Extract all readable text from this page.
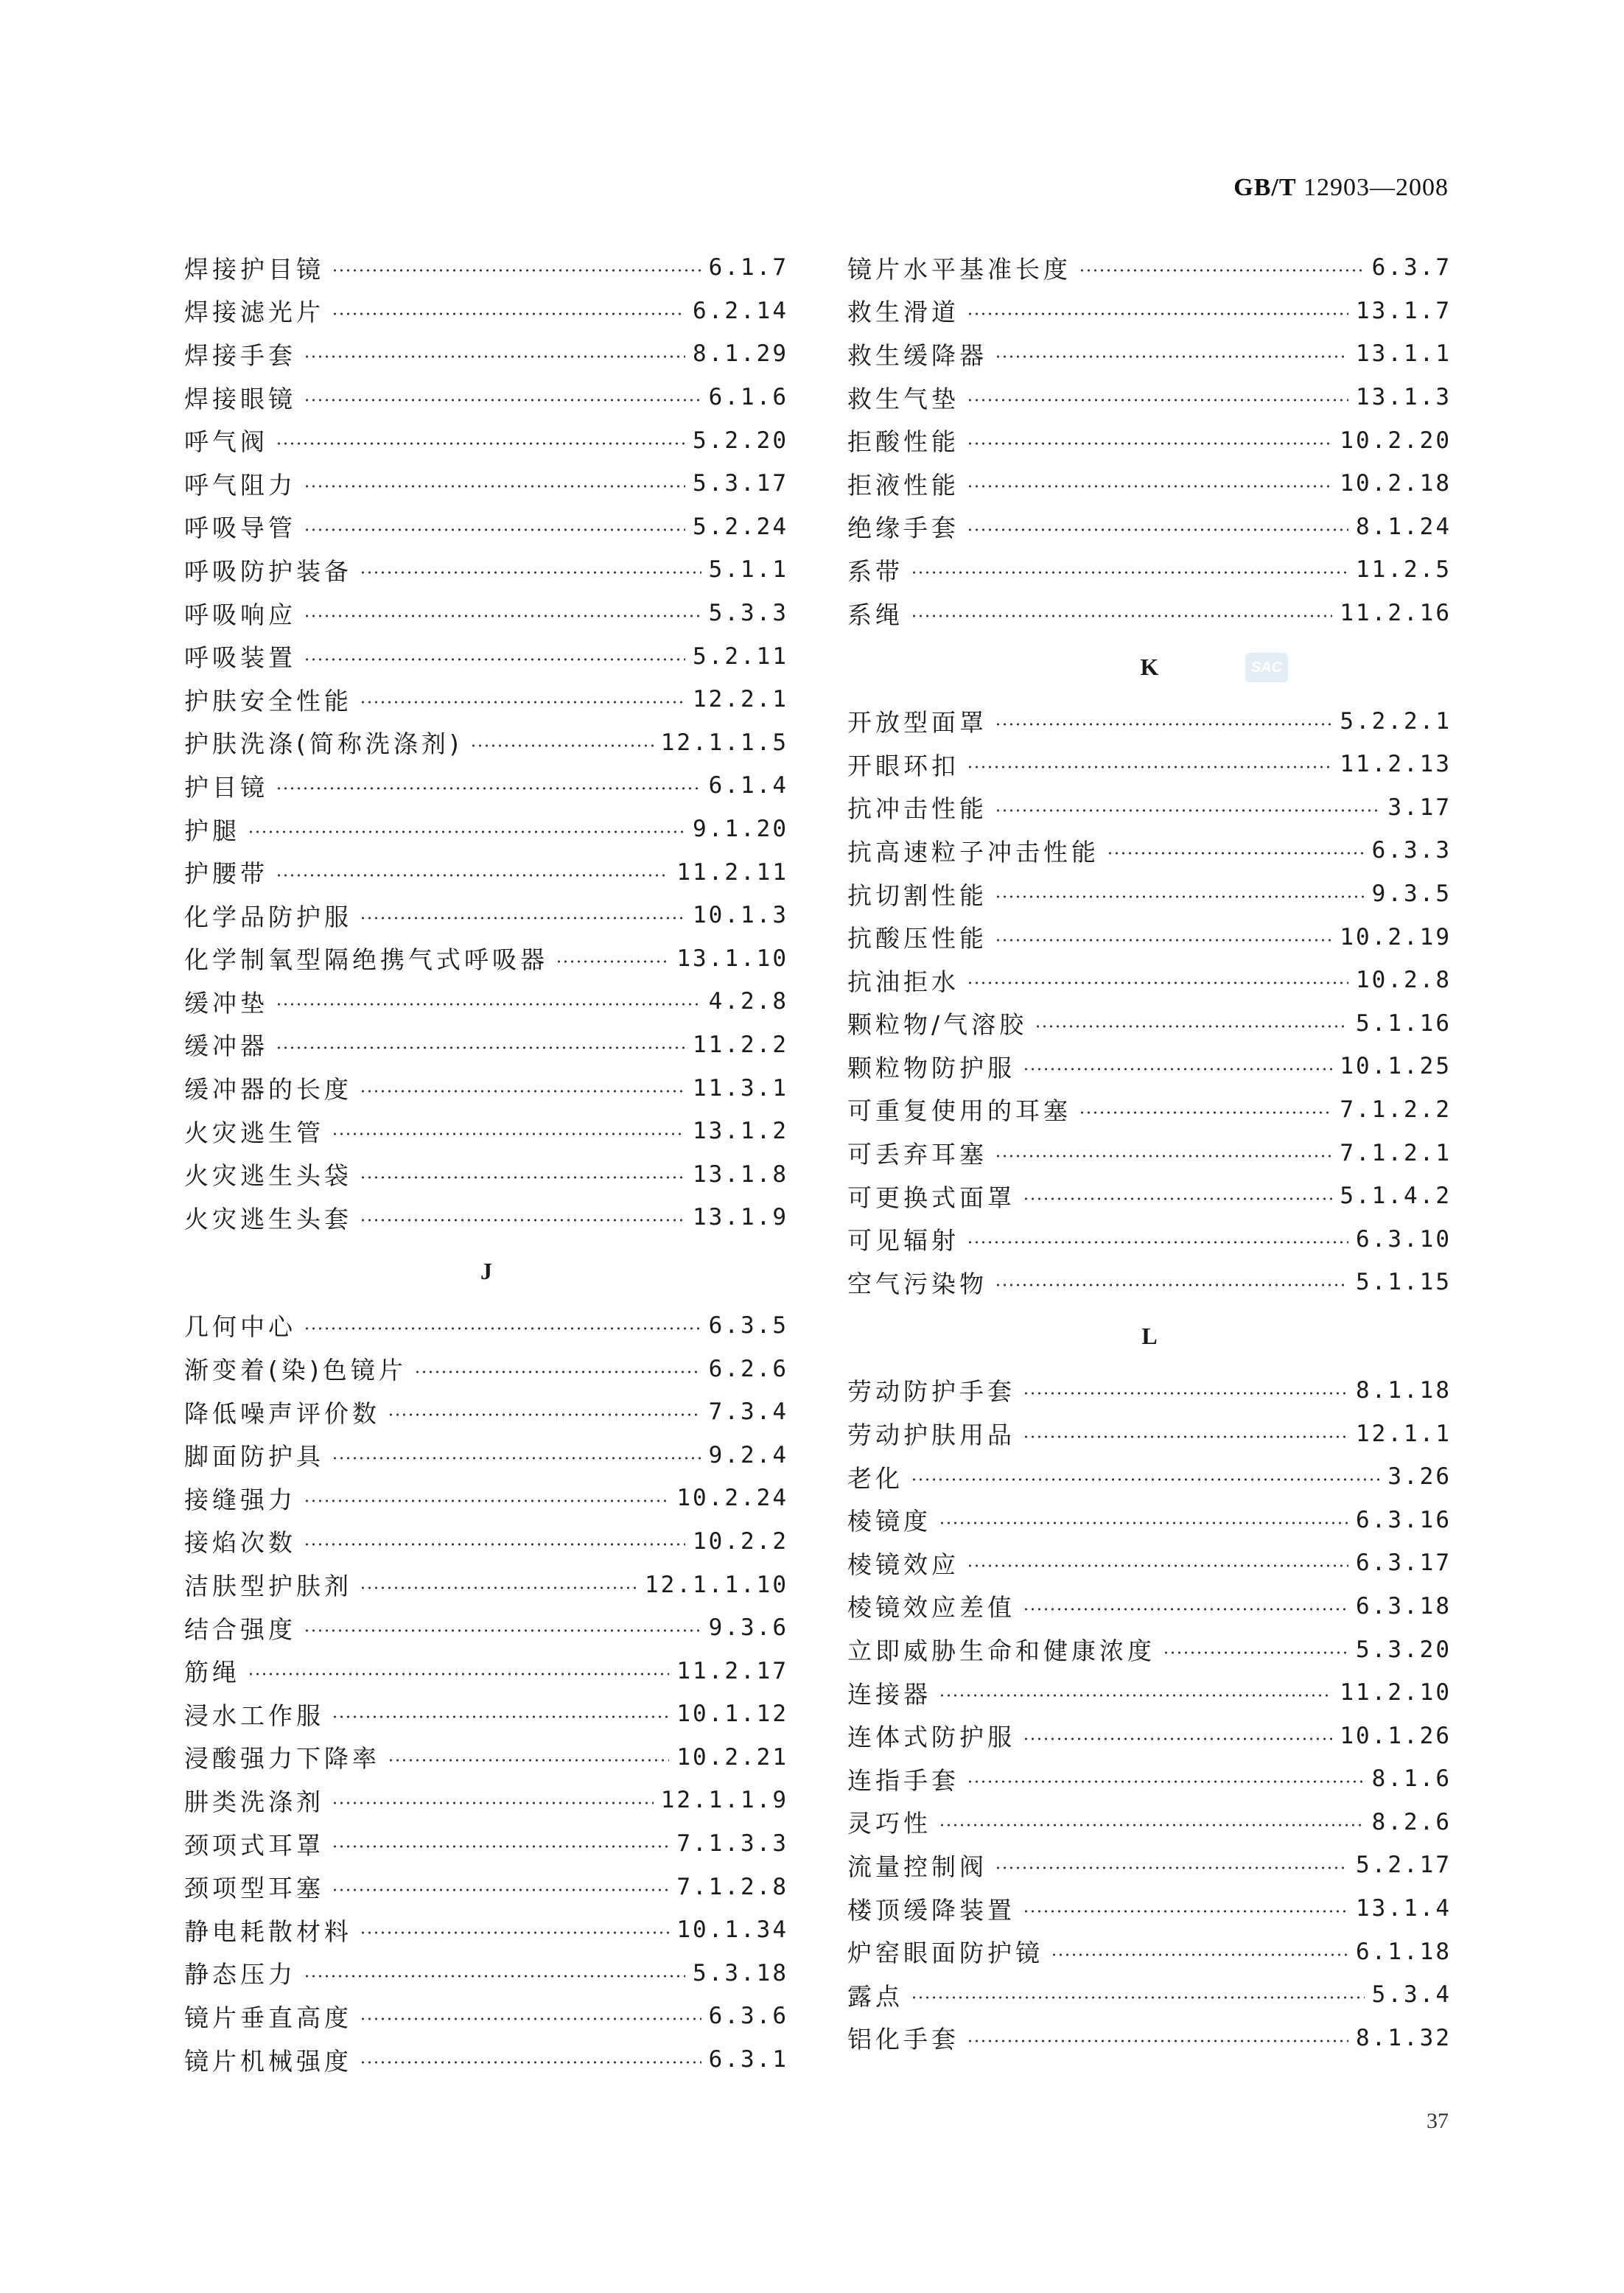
GB/T 12903—2008
焊接护目镜	6.1.7
焊接滤光片	6.2.14
焊接手套	8.1.29
焊接眼镜	6.1.6
呼气阀	5.2.20
呼气阻力	5.3.17
呼吸导管	5.2.24
呼吸防护装备	5.1.1
呼吸响应	5.3.3
呼吸装置	5.2.11
护肤安全性能	12.2.1
护肤洗涤(简称洗涤剂)	12.1.1.5
护目镜	6.1.4
护腿	9.1.20
护腰带	11.2.11
化学品防护服	10.1.3
化学制氧型隔绝携气式呼吸器	13.1.10
缓冲垫	4.2.8
缓冲器	11.2.2
缓冲器的长度	11.3.1
火灾逃生管	13.1.2
火灾逃生头袋	13.1.8
火灾逃生头套	13.1.9
J
几何中心	6.3.5
渐变着(染)色镜片	6.2.6
降低噪声评价数	7.3.4
脚面防护具	9.2.4
接缝强力	10.2.24
接焰次数	10.2.2
洁肤型护肤剂	12.1.1.10
结合强度	9.3.6
筋绳	11.2.17
浸水工作服	10.1.12
浸酸强力下降率	10.2.21
肼类洗涤剂	12.1.1.9
颈项式耳罩	7.1.3.3
颈项型耳塞	7.1.2.8
静电耗散材料	10.1.34
静态压力	5.3.18
镜片垂直高度	6.3.6
镜片机械强度	6.3.1
镜片水平基准长度	6.3.7
救生滑道	13.1.7
救生缓降器	13.1.1
救生气垫	13.1.3
拒酸性能	10.2.20
拒液性能	10.2.18
绝缘手套	8.1.24
系带	11.2.5
系绳	11.2.16
K
开放型面罩	5.2.2.1
开眼环扣	11.2.13
抗冲击性能	3.17
抗高速粒子冲击性能	6.3.3
抗切割性能	9.3.5
抗酸压性能	10.2.19
抗油拒水	10.2.8
颗粒物/气溶胶	5.1.16
颗粒物防护服	10.1.25
可重复使用的耳塞	7.1.2.2
可丢弃耳塞	7.1.2.1
可更换式面罩	5.1.4.2
可见辐射	6.3.10
空气污染物	5.1.15
L
劳动防护手套	8.1.18
劳动护肤用品	12.1.1
老化	3.26
棱镜度	6.3.16
棱镜效应	6.3.17
棱镜效应差值	6.3.18
立即威胁生命和健康浓度	5.3.20
连接器	11.2.10
连体式防护服	10.1.26
连指手套	8.1.6
灵巧性	8.2.6
流量控制阀	5.2.17
楼顶缓降装置	13.1.4
炉窑眼面防护镜	6.1.18
露点	5.3.4
铝化手套	8.1.32
SAC
37
